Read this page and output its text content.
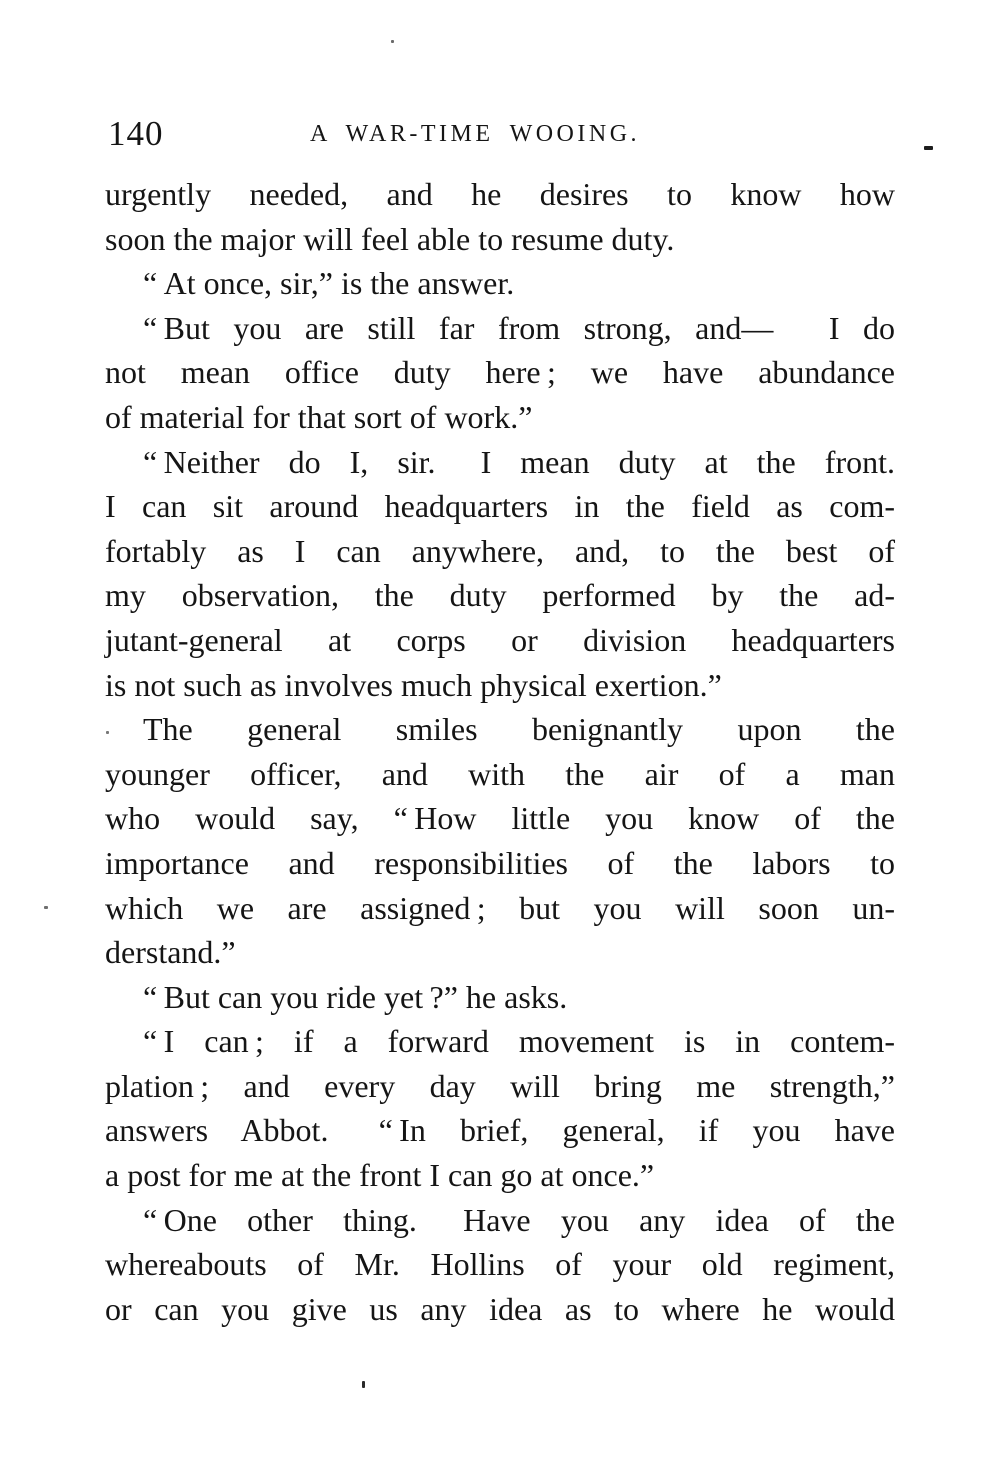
140	A WAR-TIME WOOING.
urgently needed, and he desires to know how
soon the major will feel able to resume duty.
“ At once, sir,” is the answer.
“ But you are still far from strong, and—  I do
not mean office duty here ; we have abundance
of material for that sort of work.”
“ Neither do I, sir.  I mean duty at the front.
I can sit around headquarters in the field as com-
fortably as I can anywhere, and, to the best of
my observation, the duty performed by the ad-
jutant-general at corps or division headquarters
is not such as involves much physical exertion.”
The general smiles benignantly upon the
younger officer, and with the air of a man
who would say, “ How little you know of the
importance and responsibilities of the labors to
which we are assigned ; but you will soon un-
derstand.”
“ But can you ride yet ?” he asks.
“ I can ; if a forward movement is in contem-
plation ; and every day will bring me strength,”
answers Abbot.  “ In brief, general, if you have
a post for me at the front I can go at once.”
“ One other thing.  Have you any idea of the
whereabouts of Mr. Hollins of your old regiment,
or can you give us any idea as to where he would
